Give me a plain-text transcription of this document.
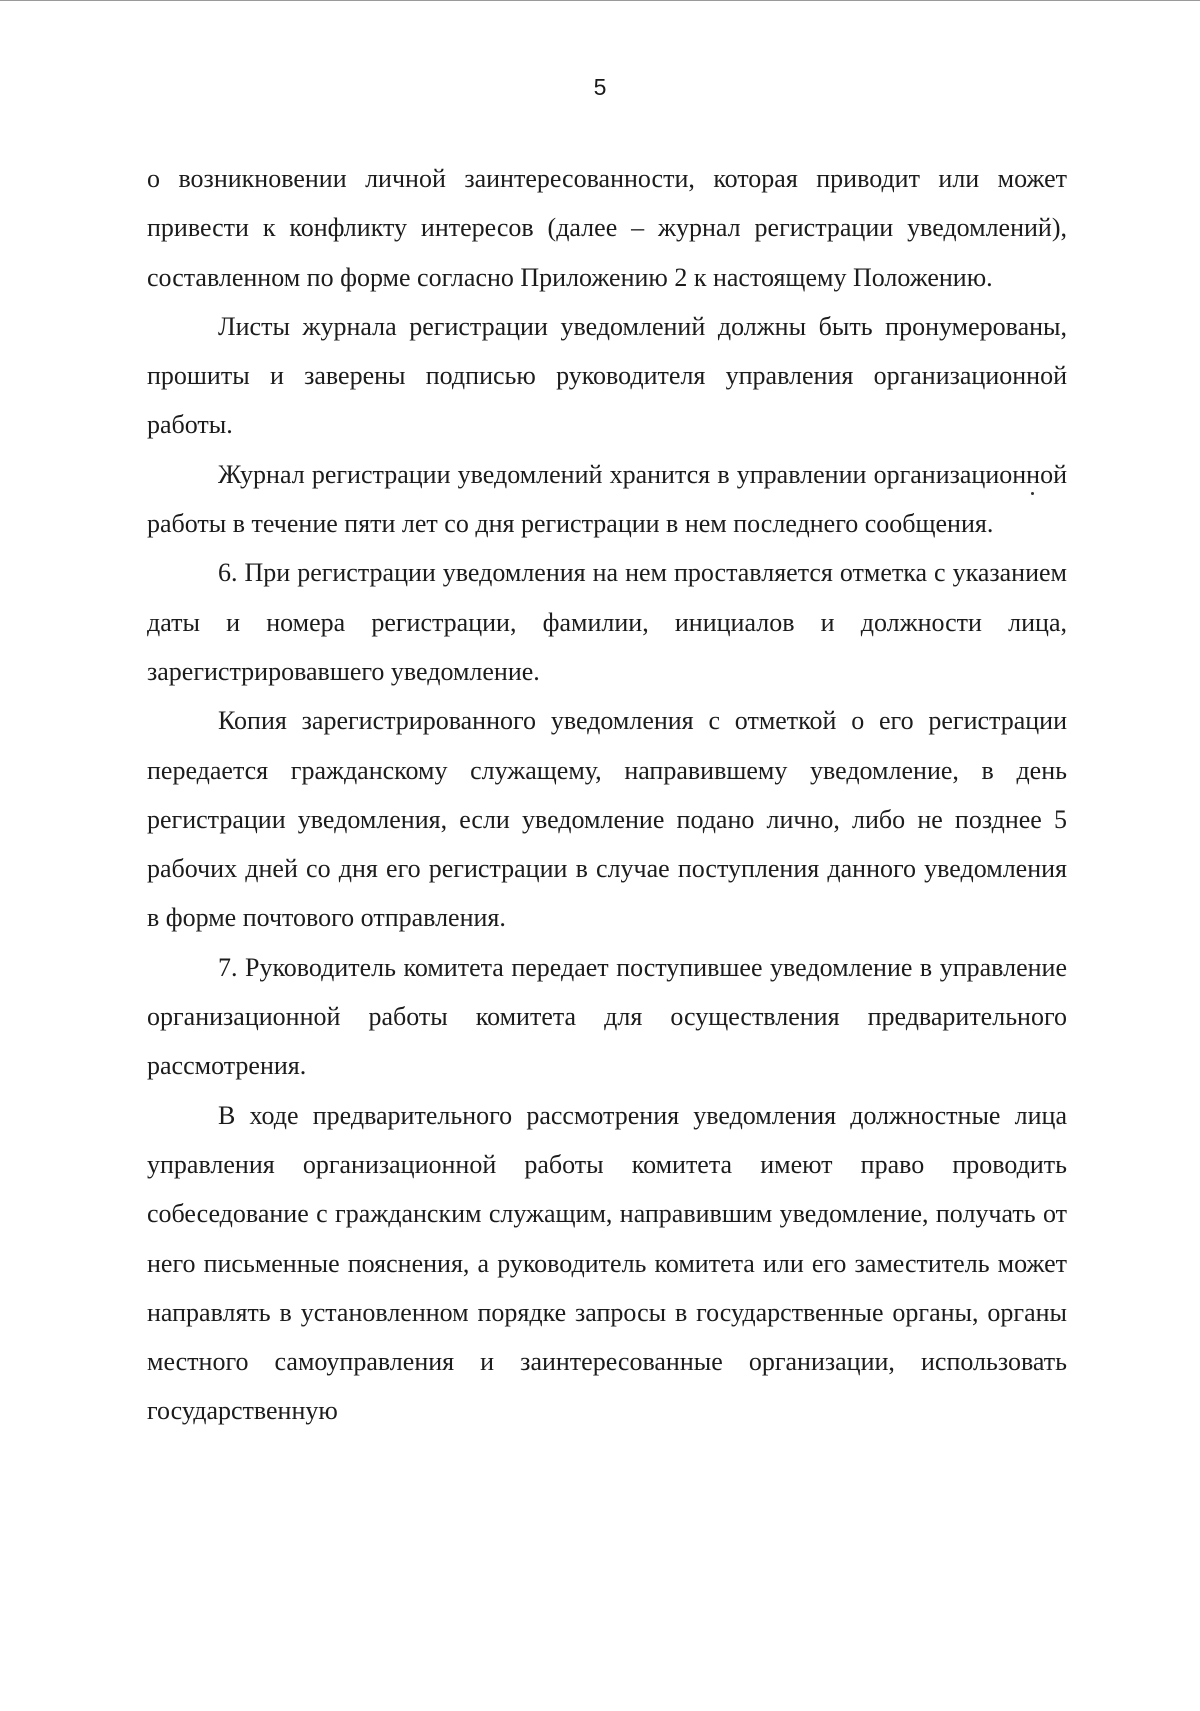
5

о возникновении личной заинтересованности, которая приводит или может привести к конфликту интересов (далее – журнал регистрации уведомлений), составленном по форме согласно Приложению 2 к настоящему Положению.

Листы журнала регистрации уведомлений должны быть пронумерованы, прошиты и заверены подписью руководителя управления организационной работы.

Журнал регистрации уведомлений хранится в управлении организационной работы в течение пяти лет со дня регистрации в нем последнего сообщения.

6. При регистрации уведомления на нем проставляется отметка с указанием даты и номера регистрации, фамилии, инициалов и должности лица, зарегистрировавшего уведомление.

Копия зарегистрированного уведомления с отметкой о его регистрации передается гражданскому служащему, направившему уведомление, в день регистрации уведомления, если уведомление подано лично, либо не позднее 5 рабочих дней со дня его регистрации в случае поступления данного уведомления в форме почтового отправления.

7. Руководитель комитета передает поступившее уведомление в управление организационной работы комитета для осуществления предварительного рассмотрения.

В ходе предварительного рассмотрения уведомления должностные лица управления организационной работы комитета имеют право проводить собеседование с гражданским служащим, направившим уведомление, получать от него письменные пояснения, а руководитель комитета или его заместитель может направлять в установленном порядке запросы в государственные органы, органы местного самоуправления и заинтересованные организации, использовать государственную
